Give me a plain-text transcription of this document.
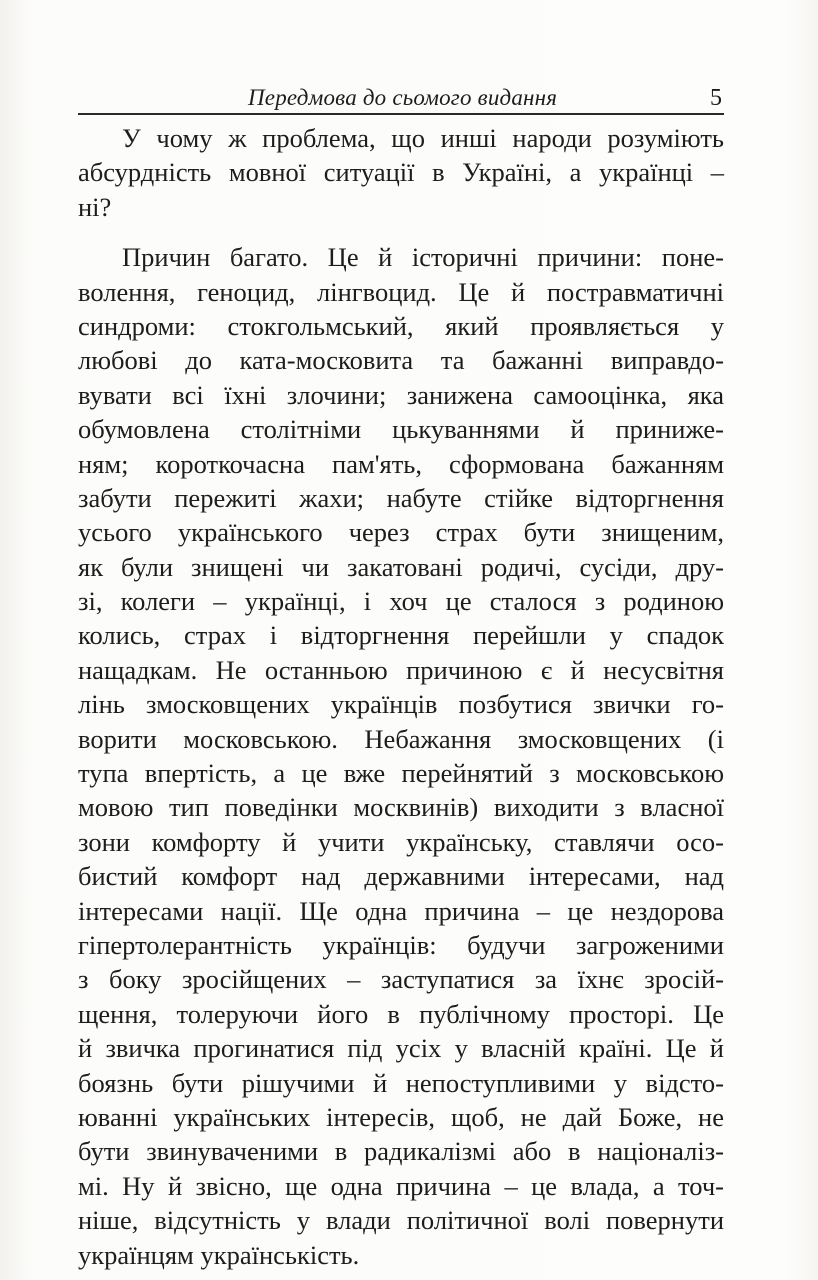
Передмова до сьомого видання	5
У чому ж проблема, що инші народи розуміють
абсурдність мовної ситуації в Україні, а українці –
ні?
Причин багато. Це й історичні причини: поне-
волення, геноцид, лінгвоцид. Це й постравматичні
синдроми: стокгольмський, який проявляється у
любові до ката-московита та бажанні виправдо-
вувати всі їхні злочини; занижена самооцінка, яка
обумовлена столітніми цькуваннями й приниже-
ням; короткочасна пам'ять, сформована бажанням
забути пережиті жахи; набуте стійке відторгнення
усього українського через страх бути знищеним,
як були знищені чи закатовані родичі, сусіди, дру-
зі, колеги – українці, і хоч це сталося з родиною
колись, страх і відторгнення перейшли у спадок
нащадкам. Не останньою причиною є й несусвітня
лінь змосковщених українців позбутися звички го-
ворити московською. Небажання змосковщених (і
тупа впертість, а це вже перейнятий з московською
мовою тип поведінки москвинів) виходити з власної
зони комфорту й учити українську, ставлячи осо-
бистий комфорт над державними інтересами, над
інтересами нації. Ще одна причина – це нездорова
гіпертолерантність українців: будучи загроженими
з боку зросійщених – заступатися за їхнє зросій-
щення, толеруючи його в публічному просторі. Це
й звичка прогинатися під усіх у власній країні. Це й
боязнь бути рішучими й непоступливими у відсто-
юванні українських інтересів, щоб, не дай Боже, не
бути звинуваченими в радикалізмі або в націоналіз-
мі. Ну й звісно, ще одна причина – це влада, а точ-
ніше, відсутність у влади політичної волі повернути
українцям українськість.
